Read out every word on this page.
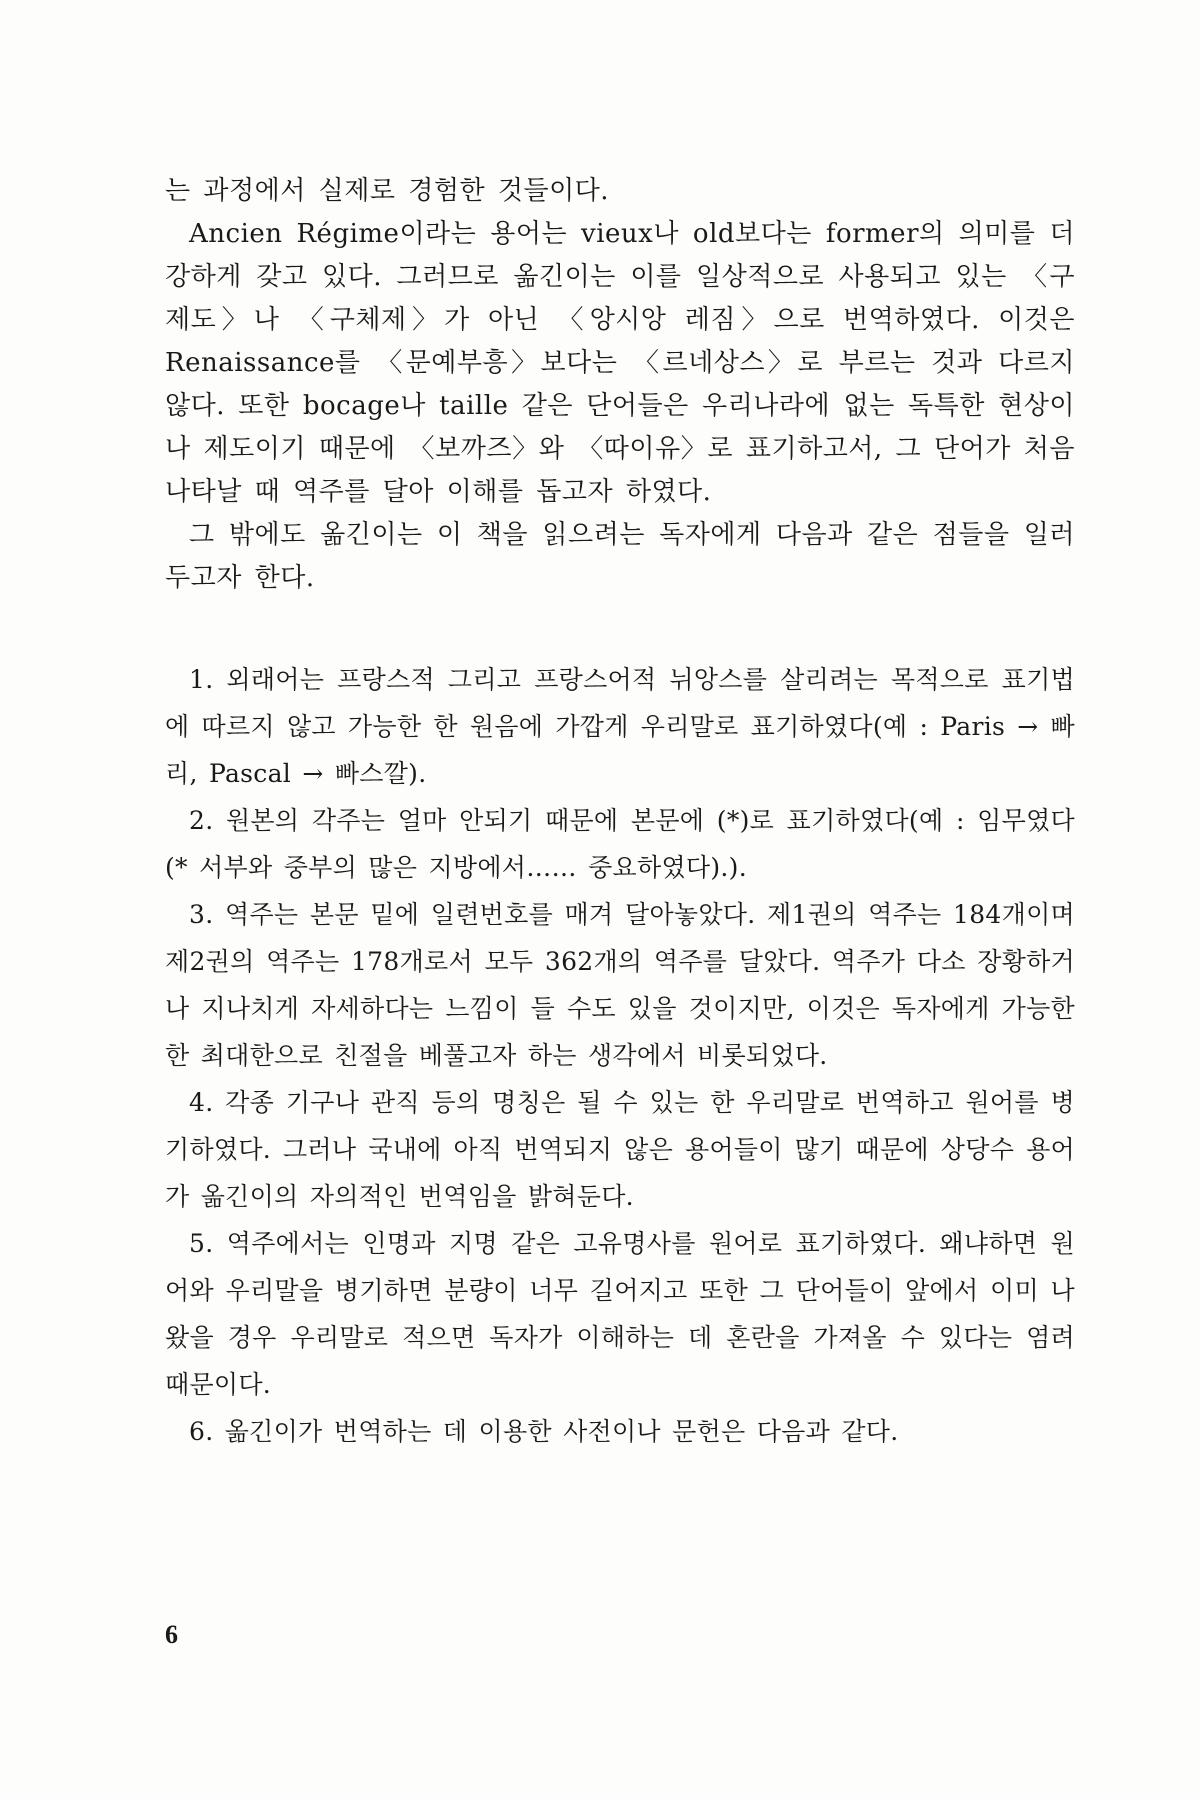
는 과정에서 실제로 경험한 것들이다.

Ancien Régime이라는 용어는 vieux나 old보다는 former의 의미를 더 강하게 갖고 있다. 그러므로 옮긴이는 이를 일상적으로 사용되고 있는 〈구제도〉나 〈구체제〉가 아닌 〈앙시앙 레짐〉으로 번역하였다. 이것은 Renaissance를 〈문예부흥〉보다는 〈르네상스〉로 부르는 것과 다르지 않다. 또한 bocage나 taille 같은 단어들은 우리나라에 없는 독특한 현상이나 제도이기 때문에 〈보까즈〉와 〈따이유〉로 표기하고서, 그 단어가 처음 나타날 때 역주를 달아 이해를 돕고자 하였다.

그 밖에도 옮긴이는 이 책을 읽으려는 독자에게 다음과 같은 점들을 일러두고자 한다.

1. 외래어는 프랑스적 그리고 프랑스어적 뉘앙스를 살리려는 목적으로 표기법에 따르지 않고 가능한 한 원음에 가깝게 우리말로 표기하였다(예 : Paris → 빠리, Pascal → 빠스깔).

2. 원본의 각주는 얼마 안되기 때문에 본문에 (*)로 표기하였다(예 : 임무였다(* 서부와 중부의 많은 지방에서…… 중요하였다).).

3. 역주는 본문 밑에 일련번호를 매겨 달아놓았다. 제1권의 역주는 184개이며 제2권의 역주는 178개로서 모두 362개의 역주를 달았다. 역주가 다소 장황하거나 지나치게 자세하다는 느낌이 들 수도 있을 것이지만, 이것은 독자에게 가능한 한 최대한으로 친절을 베풀고자 하는 생각에서 비롯되었다.

4. 각종 기구나 관직 등의 명칭은 될 수 있는 한 우리말로 번역하고 원어를 병기하였다. 그러나 국내에 아직 번역되지 않은 용어들이 많기 때문에 상당수 용어가 옮긴이의 자의적인 번역임을 밝혀둔다.

5. 역주에서는 인명과 지명 같은 고유명사를 원어로 표기하였다. 왜냐하면 원어와 우리말을 병기하면 분량이 너무 길어지고 또한 그 단어들이 앞에서 이미 나왔을 경우 우리말로 적으면 독자가 이해하는 데 혼란을 가져올 수 있다는 염려 때문이다.

6. 옮긴이가 번역하는 데 이용한 사전이나 문헌은 다음과 같다.

6
